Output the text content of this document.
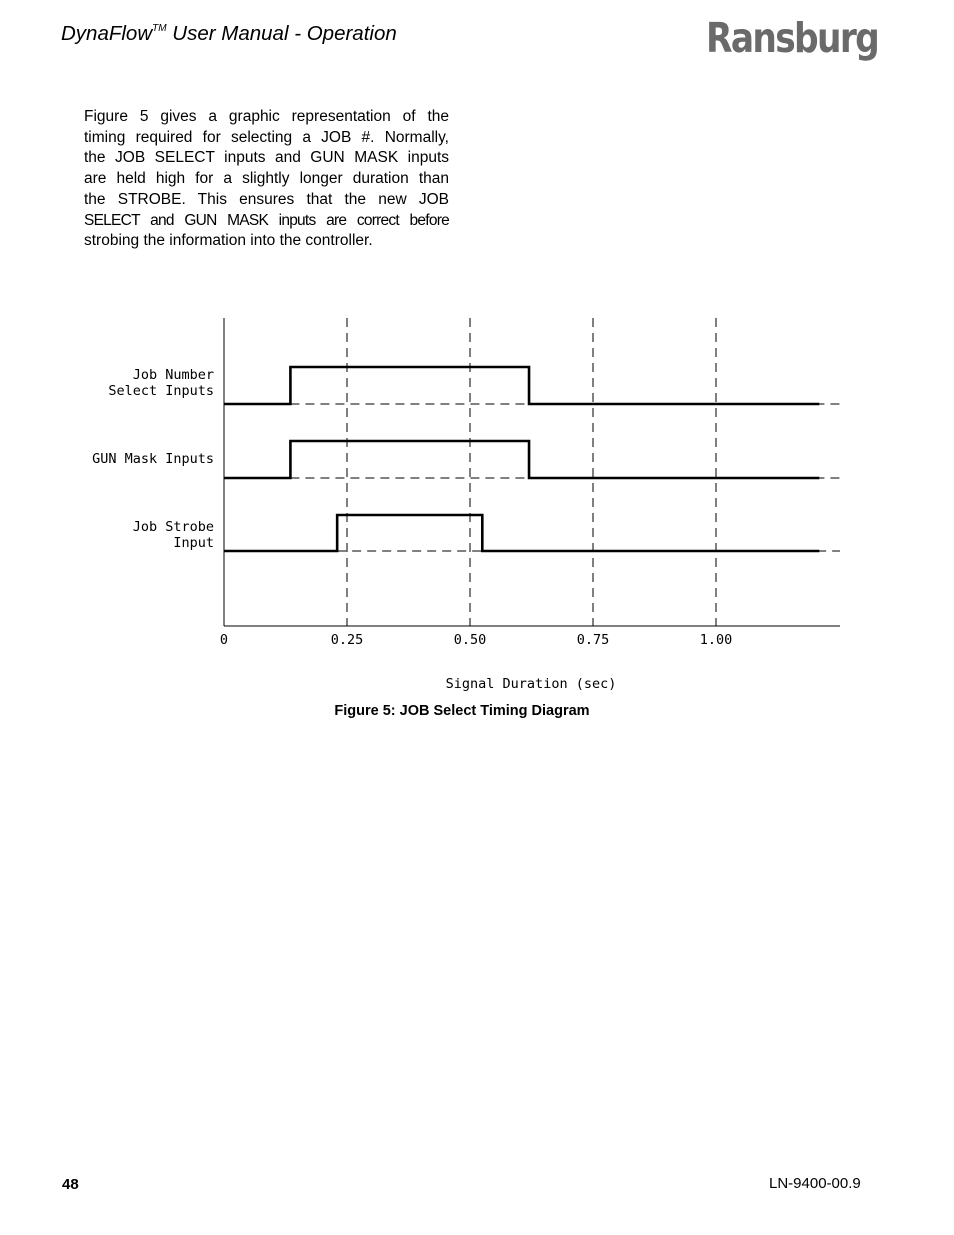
DynaFlow™ User Manual - Operation	Ransburg

Figure 5 gives a graphic representation of the
timing required for selecting a JOB #. Normally,
the JOB SELECT inputs and GUN MASK inputs
are held high for a slightly longer duration than
the STROBE. This ensures that the new JOB
SELECT and GUN MASK inputs are correct before
strobing the information into the controller.

0	0.25	0.50	0.75	1.00
Signal Duration (sec)
Job Number
Select Inputs
GUN Mask Inputs
Job Strobe
Input

Figure 5: JOB Select Timing Diagram

48	LN-9400-00.9
